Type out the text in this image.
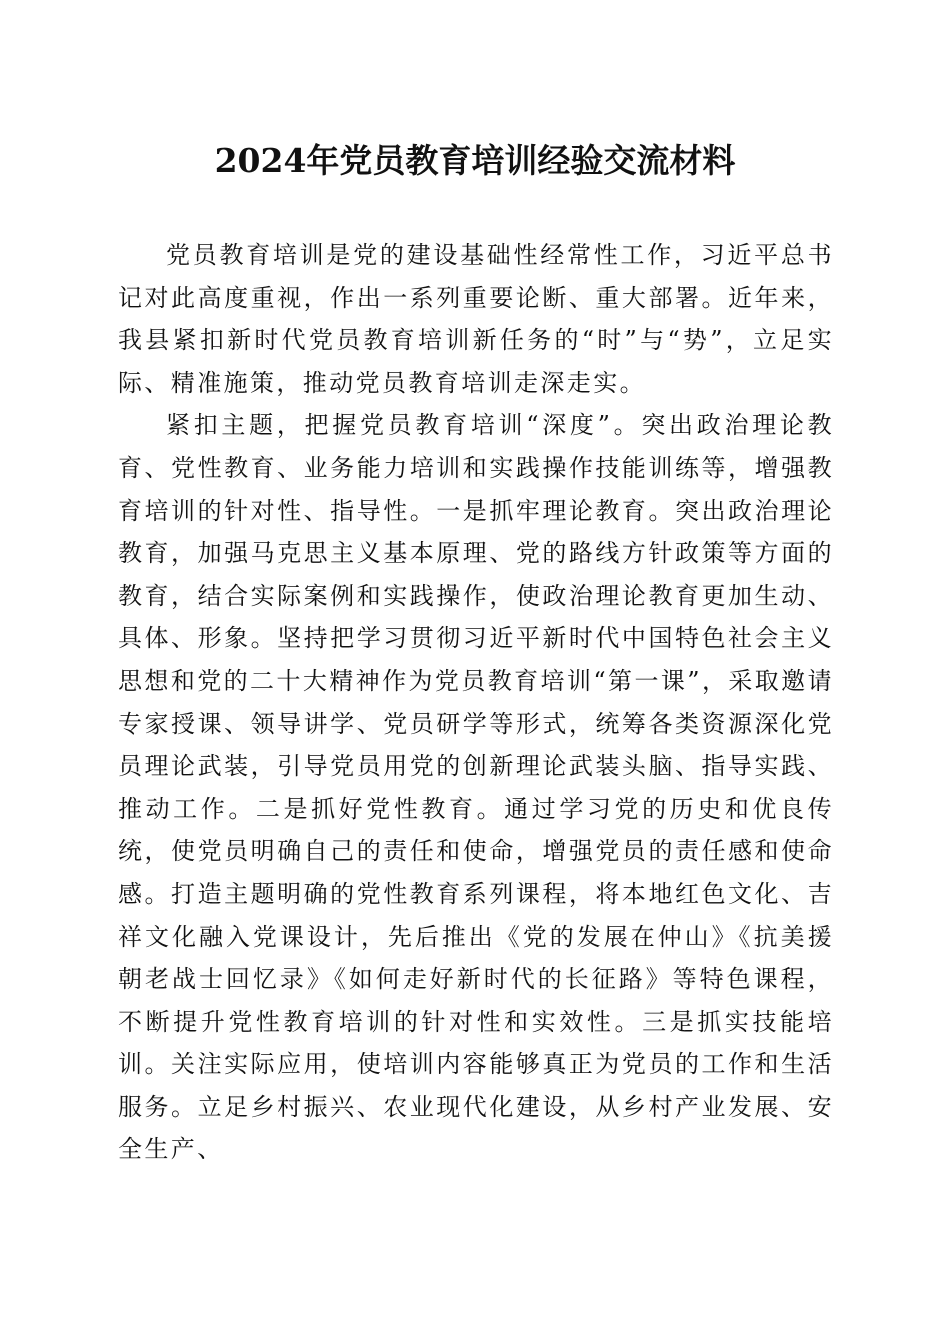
2024年党员教育培训经验交流材料

党员教育培训是党的建设基础性经常性工作，习近平总书记对此高度重视，作出一系列重要论断、重大部署。近年来，我县紧扣新时代党员教育培训新任务的“时”与“势”，立足实际、精准施策，推动党员教育培训走深走实。

紧扣主题，把握党员教育培训“深度”。突出政治理论教育、党性教育、业务能力培训和实践操作技能训练等，增强教育培训的针对性、指导性。一是抓牢理论教育。突出政治理论教育，加强马克思主义基本原理、党的路线方针政策等方面的教育，结合实际案例和实践操作，使政治理论教育更加生动、具体、形象。坚持把学习贯彻习近平新时代中国特色社会主义思想和党的二十大精神作为党员教育培训“第一课”，采取邀请专家授课、领导讲学、党员研学等形式，统筹各类资源深化党员理论武装，引导党员用党的创新理论武装头脑、指导实践、推动工作。二是抓好党性教育。通过学习党的历史和优良传统，使党员明确自己的责任和使命，增强党员的责任感和使命感。打造主题明确的党性教育系列课程，将本地红色文化、吉祥文化融入党课设计，先后推出《党的发展在仲山》《抗美援朝老战士回忆录》《如何走好新时代的长征路》等特色课程，不断提升党性教育培训的针对性和实效性。三是抓实技能培训。关注实际应用，使培训内容能够真正为党员的工作和生活服务。立足乡村振兴、农业现代化建设，从乡村产业发展、安全生产、
